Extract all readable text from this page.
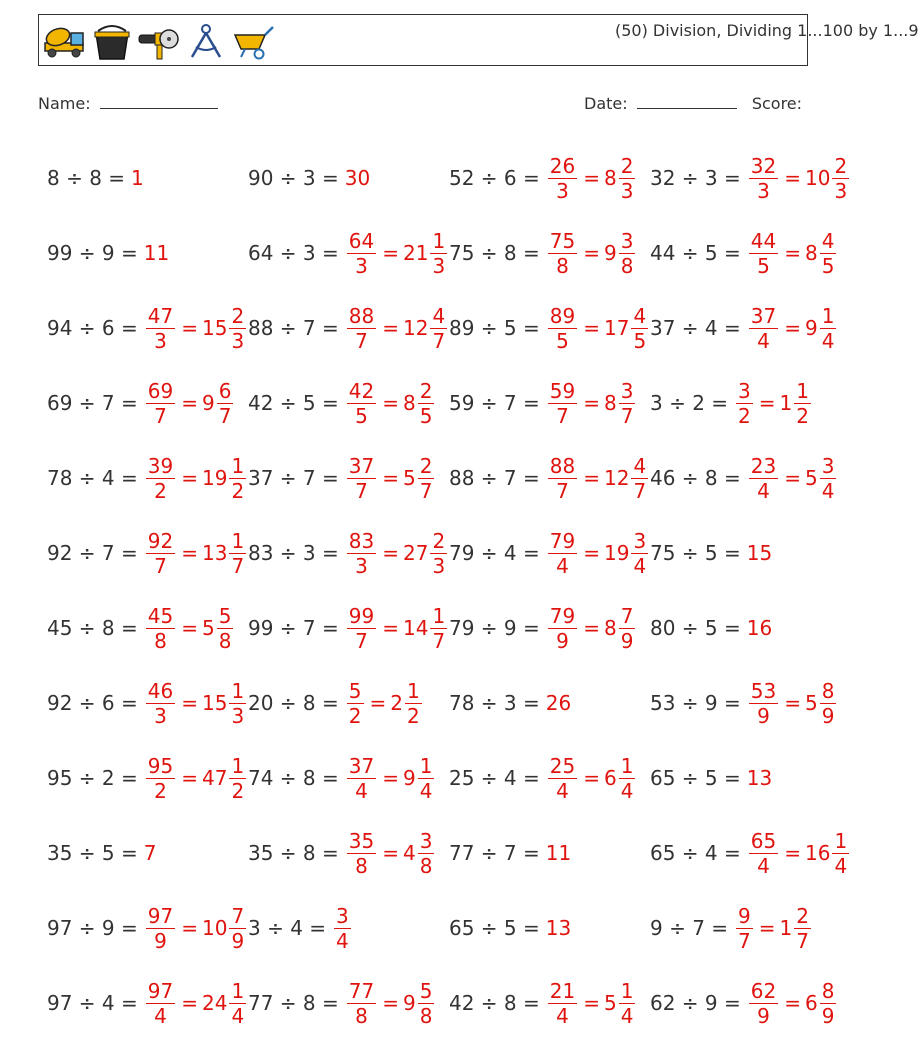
(50) Division, Dividing 1...100 by 1...9
Name:	Date:	Score:
8 ÷ 8 = 1
99 ÷ 9 = 11
$94 \div 6 = \frac{47}{3} = 15 \frac{2}{3}$
$69 \div 7 = \frac{69}{7} = 9 \frac{6}{7}$
$78 \div 4 = \frac{39}{2} = 19 \frac{1}{2}$
$92 \div 7 = \frac{92}{7} = 13 \frac{1}{7}$
$45 \div 8 = \frac{45}{8} = 5 \frac{5}{8}$
$92 \div 6 = \frac{46}{3} = 15 \frac{1}{3}$
$95 \div 2 = \frac{95}{2} = 47 \frac{1}{2}$
35 ÷ 5 = 7
$97 \div 9 = \frac{97}{9} = 10 \frac{7}{9}$
$97 \div 4 = \frac{97}{4} = 24 \frac{1}{4}$
90 ÷ 3 = 30
$64 \div 3 = \frac{64}{3} = 21 \frac{1}{3}$
$88 \div 7 = \frac{88}{7} = 12 \frac{4}{7}$
$42 \div 5 = \frac{42}{5} = 8 \frac{2}{5}$
$37 \div 7 = \frac{37}{7} = 5 \frac{2}{7}$
$83 \div 3 = \frac{83}{3} = 27 \frac{2}{3}$
$99 \div 7 = \frac{99}{7} = 14 \frac{1}{7}$
$20 \div 8 = \frac{5}{2} = 2 \frac{1}{2}$
$74 \div 8 = \frac{37}{4} = 9 \frac{1}{4}$
$35 \div 8 = \frac{35}{8} = 4 \frac{3}{8}$
$3 \div 4 = \frac{3}{4}$
$77 \div 8 = \frac{77}{8} = 9 \frac{5}{8}$
$52 \div 6 = \frac{26}{3} = 8 \frac{2}{3}$
$75 \div 8 = \frac{75}{8} = 9 \frac{3}{8}$
$89 \div 5 = \frac{89}{5} = 17 \frac{4}{5}$
$59 \div 7 = \frac{59}{7} = 8 \frac{3}{7}$
$88 \div 7 = \frac{88}{7} = 12 \frac{4}{7}$
$79 \div 4 = \frac{79}{4} = 19 \frac{3}{4}$
$79 \div 9 = \frac{79}{9} = 8 \frac{7}{9}$
78 ÷ 3 = 26
$25 \div 4 = \frac{25}{4} = 6 \frac{1}{4}$
77 ÷ 7 = 11
65 ÷ 5 = 13
$42 \div 8 = \frac{21}{4} = 5 \frac{1}{4}$
$32 \div 3 = \frac{32}{3} = 10 \frac{2}{3}$
$44 \div 5 = \frac{44}{5} = 8 \frac{4}{5}$
$37 \div 4 = \frac{37}{4} = 9 \frac{1}{4}$
$3 \div 2 = \frac{3}{2} = 1 \frac{1}{2}$
$46 \div 8 = \frac{23}{4} = 5 \frac{3}{4}$
75 ÷ 5 = 15
80 ÷ 5 = 16
$53 \div 9 = \frac{53}{9} = 5 \frac{8}{9}$
65 ÷ 5 = 13
$65 \div 4 = \frac{65}{4} = 16 \frac{1}{4}$
$9 \div 7 = \frac{9}{7} = 1 \frac{2}{7}$
$62 \div 9 = \frac{62}{9} = 6 \frac{8}{9}$
